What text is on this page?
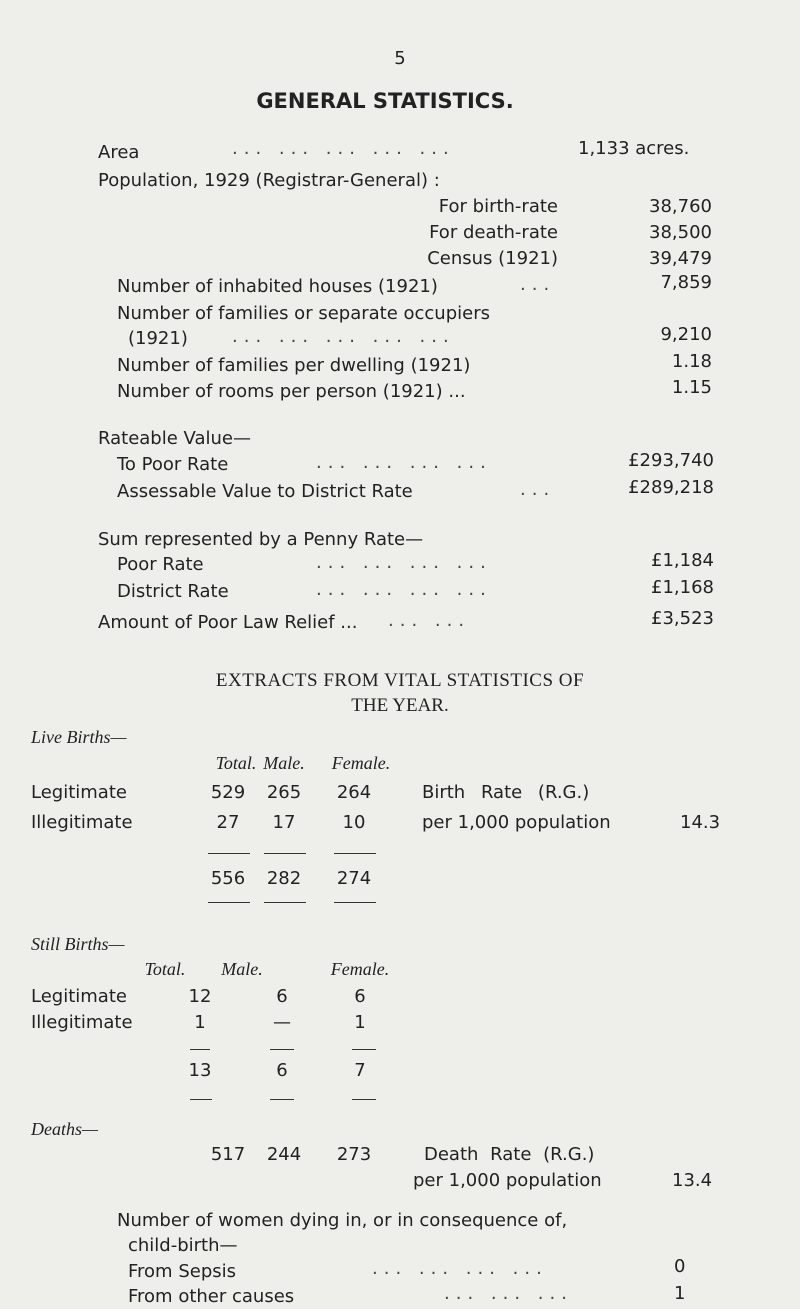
5
GENERAL STATISTICS.
Area	... ... ... ... ...	1,133 acres.
Population, 1929 (Registrar-General) :
For birth-rate	38,760
For death-rate	38,500
Census (1921)	39,479
Number of inhabited houses (1921)	...	7,859
Number of families or separate occupiers
(1921) ... ... ... ... ...	9,210
Number of families per dwelling (1921)	1.18
Number of rooms per person (1921) ...	1.15
Rateable Value—
To Poor Rate	... ... ... ...	£293,740
Assessable Value to District Rate	...	£289,218
Sum represented by a Penny Rate—
Poor Rate	... ... ... ...	£1,184
District Rate	... ... ... ...	£1,168
Amount of Poor Law Relief ... ... ...	£3,523
EXTRACTS FROM VITAL STATISTICS OF
THE YEAR.
Live Births—
Total. Male.	Female.
Legitimate	529	265	264	Birth Rate (R.G.)
Illegitimate	27	17	10	per 1,000 population	14.3
556	282	274
Still Births—
Total.	Male.	Female.
Legitimate	12	6	6
Illegitimate	1	—	1
13	6	7
Deaths—
517	244	273	Death Rate (R.G.)
per 1,000 population	13.4
Number of women dying in, or in consequence of,
child-birth—
From Sepsis	... ... ... ...	0
From other causes	... ... ...	1
